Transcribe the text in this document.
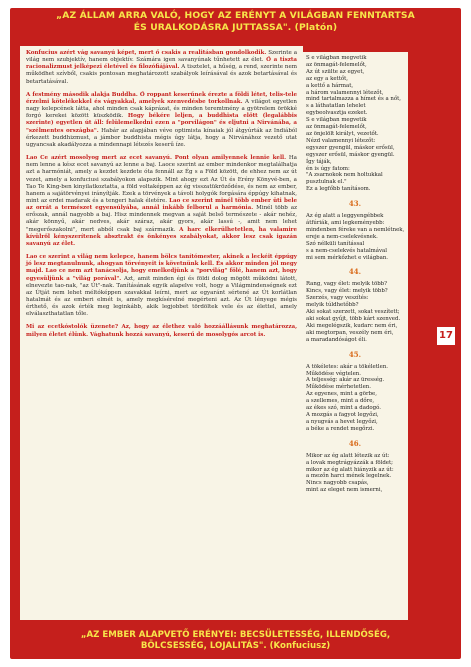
„AZ ÁLLAM ARRA VALÓ, HOGY AZ ERÉNYT A VILÁGBAN FENNTARTSA
ÉS URALKODÁSRA JUTTASSA". (Platón)

Konfucius azért vág savanyú képet, mert ő csakis a realitásban gondolkodik. Szerinte a világ nem szubjektív, hanem objektív. Számára igen savanyúnak tűnhetett az élet. Ő a tiszta racionalizmust jelképezi életével és filozófiájával. A tisztelet, a hűség, a rend, szerinte nem működhet szívből, csakis pontosan meghatározott szabályok leírásával és azok betartásával és betartatásával.

A festmény második alakja Buddha. Ő roppant keserűnek érezte a földi létet, telis-tele érzelmi kötelékekkel és vágyakkal, amelyek szenvedésbe torkollnak. A világot egyetlen nagy kelepcének látta, ahol minden csak káprázat, és minden teremtmény a gyötrelem örökké forgó kerekei között küszködik. Hogy békére leljen, a buddhista előtt (legalábbis szerinte) egyetlen út áll: felülemelkedni ezen a "porvilágon" és eljutni a Nirvánába, a "szélmentes országba". Habár az alapjában véve optimista kínaiak jól átgyúrták az Indiából érkezett buddhizmust, a jámbor buddhista mégis úgy látja, hogy a Nirvánához vezető utat ugyancsak akadályozza a mindennapi létezés keserű íze.

Lao Ce azért mosolyog mert az ecet savanyú. Pont olyan amilyennek lennie kell. Ha nem lenne a kész ecet savanyú az lenne a baj. Laoce szerint az ember mindenkor megtalálhatja azt a harmóniát, amely a kezdet kezdete óta fennáll az Ég s a Föld között, de ehhez nem az út vezet, amely a konfuciusi szabályokon alapszik. Mint ahogy ezt Az Út és Erény Könyvé-ben, a Tao Te King-ben kinyilatkoztatta, a föld voltaképpen az ég visszatükröződése, és nem az ember, hanem a sajátörvényei irányítják. Ezek a törvények a távoli holygók forgására éppúgy kihatnak, mint az erdei madarak és a tengeri halak életére. Lao ce szerint minél több ember üti bele az orrát a természet egyensúlyába, annál inkább felborul a harmónia. Minél több az erőszak, annál nagyobb a baj. Hisz mindennek megvan a saját belső természete - akár nehéz, akár könnyű, akár nedves, akár száraz, akár gyors, akár lassú -, amit nem lehet "megerőszakolni", mert abból csak baj származik. A harc elkerülhetetlen, ha valamire kívülről kényszerítenek absztrakt és önkényes szabályokat, akkor lesz csak igazán savanyú az élet.

Lao ce szerint a világ nem kelepce, hanem bölcs tanítómester, akinek a leckéit éppúgy jó lesz megtanulnunk, ahogyan törvényeit is követnünk kell. És akkor minden jól megy majd. Lao ce nem azt tanácsolja, hogy emelkedjünk a "porvilág" fölé, hanem azt, hogy egyesüljünk a "világ porával". Azt, amit minden égi és földi dolog mögött működni látott, elnevezte tao-nak, "az Út"-nak. Tanításának egyik alapelve volt, hogy a Világmindenségnek ezt az Útját nem lehet méltóképpen szavakkal leírni, mert az egyaránt sértené az Út korlátlan hatalmát és az emberi elmét is, amely megkísérelné megérteni azt. Az Út lényege mégis érthető, és azok érték meg leginkább, akik legjobbet tördöltek vele és az élettel, amely elválaszthatatlan tőle.

Mi az ecetkóstolók üzenete? Az, hogy az élethez való hozzáállásunk meghatározza, milyen életet élünk. Vághatunk hozzá savanyú, keserű de mosolygós arcot is.

S e világban megvetik
az önmagát-felemelőt,
Az út szülte az egyet,
az egy a kettőt,
a kettő a hármat,
a három valamennyi létezőt,
mind tartalmazza a hímet és a nőt,
s a láthatatlan lehelet
egybeolvasztja ezeket.
S e világban megvetik
az önmagát-felemelőt,
az önjelölt királyt, vezetőt.
Nézd valamennyi létezőt:
egyszer gyengül, máskor erősül,
egyszer erősül, máskor gyengül.
Így táják,
én is úgy fatom:
"A zsarnokok nem holtukkal
pusztulnak el."
Ez a legfőbb tanításom.
43.
Az ég alatt a leggyengébbek
átfúriák, ami legkeményebb:
mindenben féreke van a nemlétnek,
ereje a nem-cselekvésnek.
Szó nélküli tanítással
s a nem-cselekvés hatalmával
mi sem mérkőzhet e világban.
44.
Rang, vagy élet: melyik több?
Kincs, vagy élet: melyik több?
Szerzés, vagy veszítés:
melyik túldhetőbb?
Aki sokat szerzett, sokat veszített;
aki sokat gyűjt, több kárt szenved.
Aki megelégszik, kudarc nem éri,
aki megtorpan, veszély nem éri,
a maradandóságot éli.
45.
A tökéletes: akár a tökéletlen.
Működése végtelen.
A teljesség: akár az üresség.
Működése mérhetetlen.
Az egyenes, mint a görbe,
a szellemes, mint a dőre,
az ékes szó, mint a dadogó.
A mozgás a fagyot legyőzi,
a nyugvás a hevet legyőzi,
a béke a rendet megőrzi.
46.
Mikor az ég alatt létezik az út:
a lovak megtrágyázzák a földet;
mikor az ég alatt hiányzik az út:
a mezőn harci mének legelnek.
Nincs nagyobb csapás,
mint az eleget nem ismerni,
17
„AZ EMBER ALAPVETŐ ERÉNYEI: BECSÜLETESSÉG, ILLENDŐSÉG,
BÖLCSESSÉG, LOJALITÁS". (Konfuciusz)
